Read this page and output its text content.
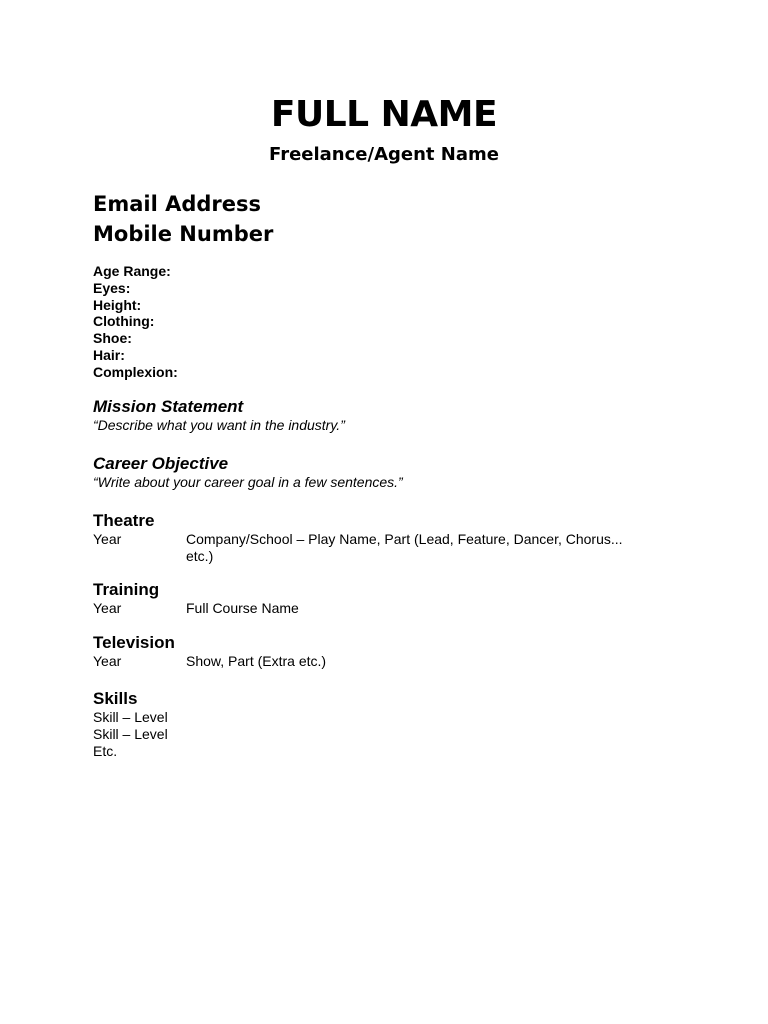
FULL NAME
Freelance/Agent Name
Email Address
Mobile Number
Age Range:
Eyes:
Height:
Clothing:
Shoe:
Hair:
Complexion:
Mission Statement
“Describe what you want in the industry.”
Career Objective
“Write about your career goal in a few sentences.”
Theatre
Year	Company/School – Play Name, Part (Lead, Feature, Dancer, Chorus...
etc.)
Training
Year	Full Course Name
Television
Year	Show, Part (Extra etc.)
Skills
Skill – Level
Skill – Level
Etc.
